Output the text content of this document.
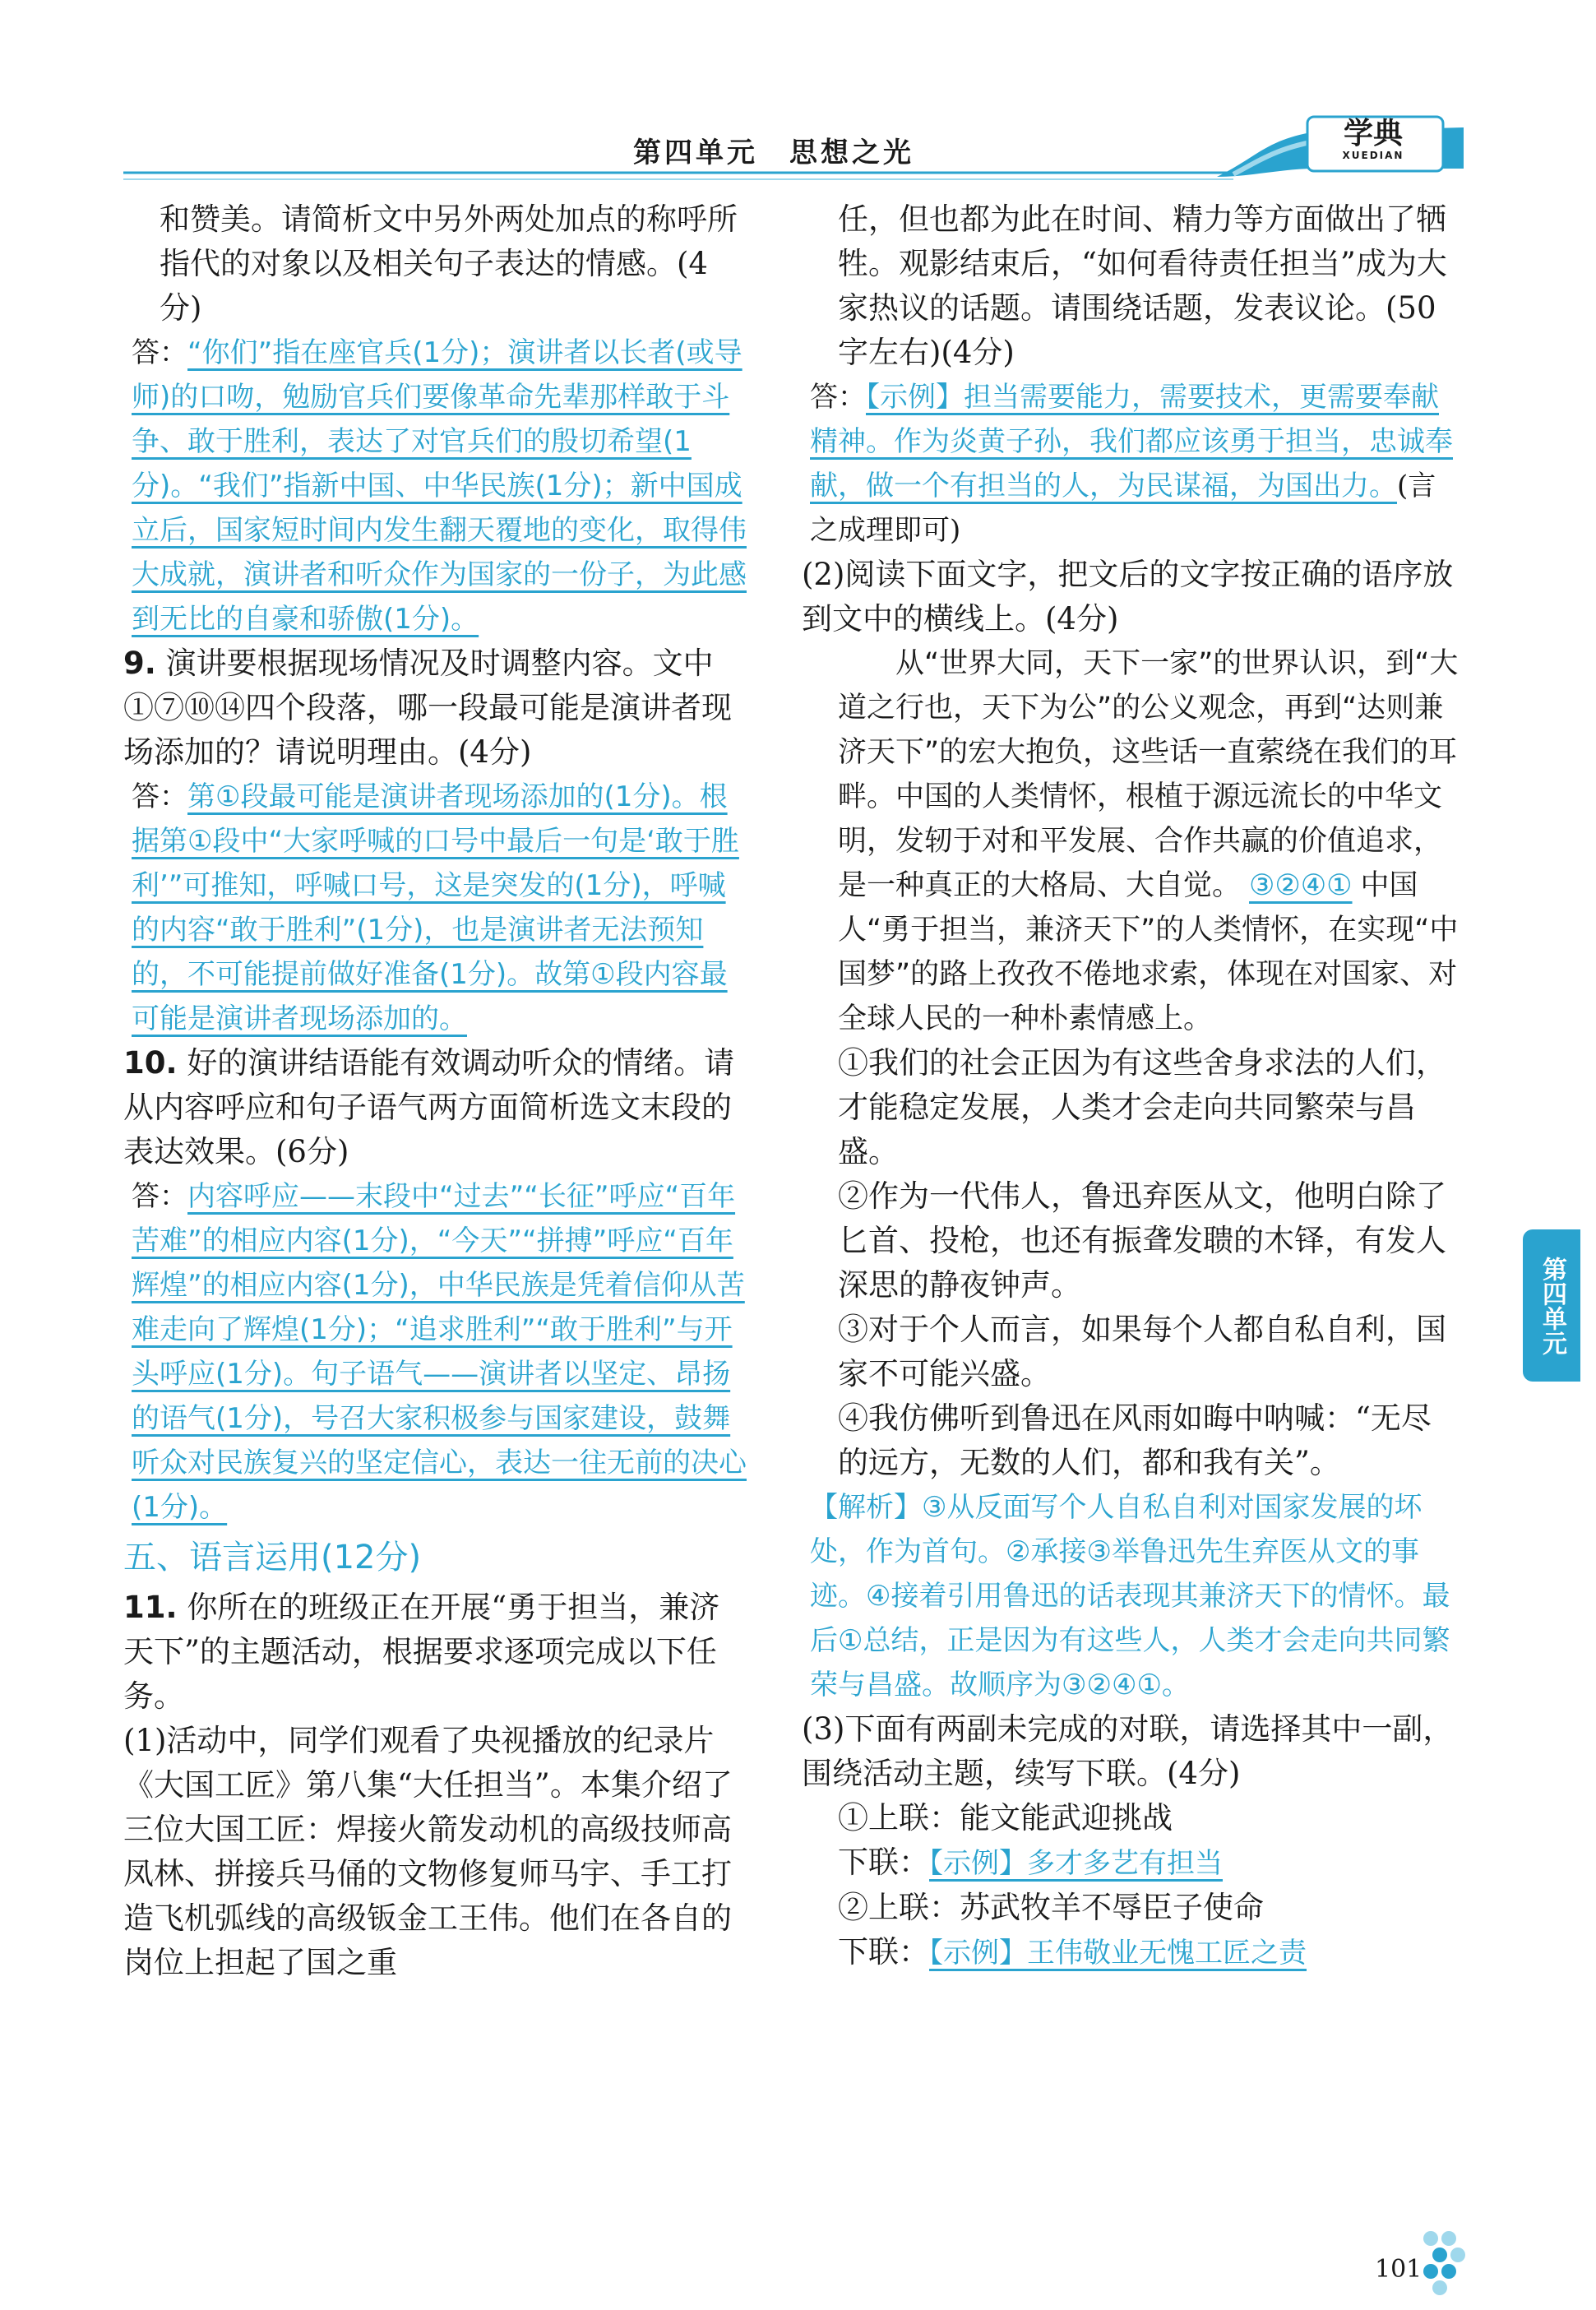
第四单元　思想之光
学典
XUEDIAN

和赞美。请简析文中另外两处加点的称呼所指代的对象以及相关句子表达的情感。(4分)

答：“你们”指在座官兵(1分)；演讲者以长者(或导师)的口吻，勉励官兵们要像革命先辈那样敢于斗争、敢于胜利，表达了对官兵们的殷切希望(1分)。“我们”指新中国、中华民族(1分)；新中国成立后，国家短时间内发生翻天覆地的变化，取得伟大成就，演讲者和听众作为国家的一份子，为此感到无比的自豪和骄傲(1分)。

9. 演讲要根据现场情况及时调整内容。文中①⑦⑩⑭四个段落，哪一段最可能是演讲者现场添加的？请说明理由。(4分)

答：第①段最可能是演讲者现场添加的(1分)。根据第①段中“大家呼喊的口号中最后一句是‘敢于胜利’”可推知，呼喊口号，这是突发的(1分)，呼喊的内容“敢于胜利”(1分)，也是演讲者无法预知的，不可能提前做好准备(1分)。故第①段内容最可能是演讲者现场添加的。

10. 好的演讲结语能有效调动听众的情绪。请从内容呼应和句子语气两方面简析选文末段的表达效果。(6分)

答：内容呼应——末段中“过去”“长征”呼应“百年苦难”的相应内容(1分)，“今天”“拼搏”呼应“百年辉煌”的相应内容(1分)，中华民族是凭着信仰从苦难走向了辉煌(1分)；“追求胜利”“敢于胜利”与开头呼应(1分)。句子语气——演讲者以坚定、昂扬的语气(1分)，号召大家积极参与国家建设，鼓舞听众对民族复兴的坚定信心，表达一往无前的决心(1分)。

五、语言运用(12分)

11. 你所在的班级正在开展“勇于担当，兼济天下”的主题活动，根据要求逐项完成以下任务。

(1)活动中，同学们观看了央视播放的纪录片《大国工匠》第八集“大任担当”。本集介绍了三位大国工匠：焊接火箭发动机的高级技师高凤林、拼接兵马俑的文物修复师马宇、手工打造飞机弧线的高级钣金工王伟。他们在各自的岗位上担起了国之重

任，但也都为此在时间、精力等方面做出了牺牲。观影结束后，“如何看待责任担当”成为大家热议的话题。请围绕话题，发表议论。(50字左右)(4分)

答：【示例】担当需要能力，需要技术，更需要奉献精神。作为炎黄子孙，我们都应该勇于担当，忠诚奉献，做一个有担当的人，为民谋福，为国出力。(言之成理即可)

(2)阅读下面文字，把文后的文字按正确的语序放到文中的横线上。(4分)

从“世界大同，天下一家”的世界认识，到“大道之行也，天下为公”的公义观念，再到“达则兼济天下”的宏大抱负，这些话一直萦绕在我们的耳畔。中国的人类情怀，根植于源远流长的中华文明，发轫于对和平发展、合作共赢的价值追求，是一种真正的大格局、大自觉。 ③②④① 中国人“勇于担当，兼济天下”的人类情怀，在实现“中国梦”的路上孜孜不倦地求索，体现在对国家、对全球人民的一种朴素情感上。

①我们的社会正因为有这些舍身求法的人们，才能稳定发展，人类才会走向共同繁荣与昌盛。

②作为一代伟人，鲁迅弃医从文，他明白除了匕首、投枪，也还有振聋发聩的木铎，有发人深思的静夜钟声。

③对于个人而言，如果每个人都自私自利，国家不可能兴盛。

④我仿佛听到鲁迅在风雨如晦中呐喊：“无尽的远方，无数的人们，都和我有关”。

【解析】③从反面写个人自私自利对国家发展的坏处，作为首句。②承接③举鲁迅先生弃医从文的事迹。④接着引用鲁迅的话表现其兼济天下的情怀。最后①总结，正是因为有这些人，人类才会走向共同繁荣与昌盛。故顺序为③②④①。

(3)下面有两副未完成的对联，请选择其中一副，围绕活动主题，续写下联。(4分)

①上联：能文能武迎挑战

下联：【示例】多才多艺有担当

②上联：苏武牧羊不辱臣子使命

下联：【示例】王伟敬业无愧工匠之责

第四单元
101
